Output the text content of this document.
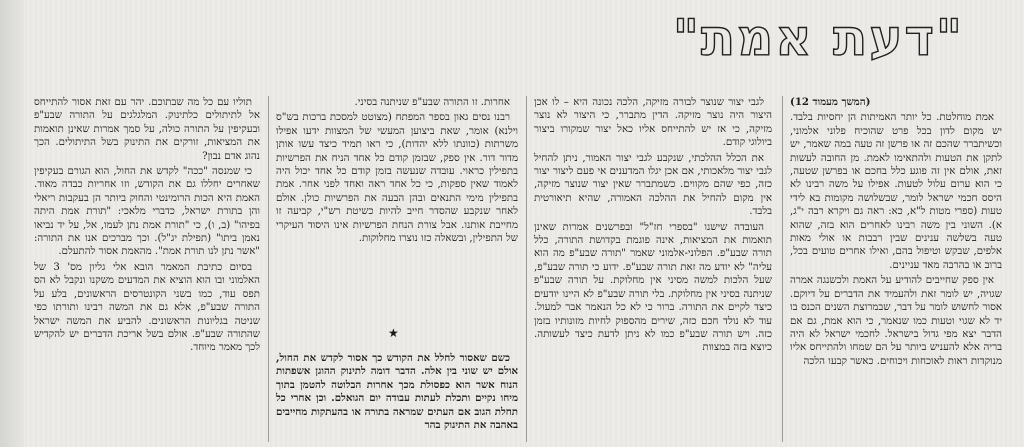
"דעת אמת"
(המשך מעמוד 12)

אמת מוחלטת. כל יותר האמיתות הן יחסיות בלבד. יש מקום לדון בכל פרט שהוכיח פלוני אלמוני, וכשיתברר שהכם זה או פרשן זה טעה במה שאמר, יש לתקן את הטעות ולהתאימו לאמת. מן החובה לעשות זאת, אולם אין זה פוגע כלל בחכם או בפרשן שטעה, כי הוא ערום עלול לטעות. אפילו על משה רבינו לא היסס חכמי ישראל לומר, שבשלושה מקומות בא לידי טעות (ספרי מטות ל"א, כא: ראה גם ויקרא רבה י"ג, א). השוני בין משה רבינו לאחרים הוא בזה, שהוא טעה בשלשה ענינים שבין רבבות או אולי מאות אלפים, שבקש וטיפול בהם, ואילו אחרים טועים בכל, ברוב או בהרבה מאד עניינים.

אין ספק שחייבים להודיע על האמת ולכשנגה אמרה שגויה, יש לומר זאת ולהעמיד את הדברים על דיוקם. אסור לחשוש לומר על דבר, שבמרוצת השנים הכנס בו יד לא שגוי וטעות כמו שנאמר, כי הוא אמת, גם אם הדבר יצא מפי גדול בישראל. לחכמי ישראל לא היה בריה אלא להעניש ביותר על הם שמחו ולהתייחס אליו מנוקדות ראות לאוכחות ויכוחים. כאשר קבעו הלכה

לגבי יצור שנוצר לבורה מזיקה, הלכה נכונה היא – לו אכן היצור היה נוצר מזיקה. הדין מתברר, כי היצור לא נוצר מזיקה, כי אז יש להתייחס אליו כאל יצור שמקורו ביצור ביולוגי קודם.

את הכלל ההלכתי, שנקבע לגבי יצור האמור, ניתן להחיל לגבי יצור מלאכותי, אם אכן יגלו המדענים אי פעם ליצור יצור כזה, כפי שהם מקווים. כשמתברר שאין יצור שנוצר מזיקה, אין מקום להחיל את ההלכה האמורה, שהיא תיאורטית בלבד.

העובדה שישנו "בספרי חז"ל" ובפרשנים אמרות שאינן תואמות את המציאות, אינה פוגמת בקדושת התורה, כלל תורה שבע"פ. הפלוני-אלמוני שאמר "תורה שבע"פ מה הוא עליה" לא יודע מה זאת תורה שבע"פ. ידוע כי תורה שבע"פ, שעל הלכות למשה מסיני אין מחלוקת. על תורה שבע"פ שניתנה בסיני אין מחלוקת. בלי תורה שבע"פ לא היינו יודעים כיצד לקיים את התורה. ברור כי לא כל הנאמר אבר למעול. עוד לא נולד חכם כזה, שירים מהספוק לחיות מזונותיו בזמן כזה. ויש תורה שבע"פ כמו לא ניתן לדעת כיצד לעשותה. כיוצא בזה במצוות

אחרות. זו התורה שבע"פ שניתנה בסיני.

רבנו נסים גאון בספר המפתח (מצוטט למסכת ברכות בש"ס וילנא) אומר, שאת ביצוען המעשי של המצוות ידעו אפילו משרתות (כוונתו ללא יהדות), כי ראו תמיד כיצד עשו אותן מדור דור. אין ספק, שבזמן קודם כל אחד הניח את הפרשיות בתפילין כראוי. עובדה שנעשה בזמן קודם כל אחד יכול היה לאמוד שאין ספקות, כי כל אחד ראה ואחד לפני אחר. אמת בתפילין מימי התנאים ובהן הבעה את הפרשיות כולן. אולם לאחר שנקבע שהסדר חייב להיות כשיטת רש"י, קביעה זו מחייבת אותנו. אבל צורת הנחת הפרשיות אינו היסוד העיקרי של התפילין, ובשאלה כזו נוצרו מחלוקות.

★

כשם שאסור לחלל את הקודש כך אסור לקדש את החול, אולם יש שוני בין אלה. הדבר דומה לתינוק ההוגן אשפתות הנוח אשר הוא כפסולת מכך אחרות הבלוטה להטמן בתוך מיחו נקיים ותכלת לעתות עבודה יום הגואלם. וכן אחרי כל תחלת הגוב אם העתים שמראה בתורה או בהעתקות מחייבים באהבה את התינוק בהר

תוליו עם כל מה שבתוכם. יהר עם זאת אסור להתייחס אל לתיתולים כלתינוק. המלגלגים על התורה שבע"פ ובעקיפין על התורה כולה, על סמך אמרות שאינן תואמות את המציאות, זורקים את התינוק בשל התיתולים. הכך נהוג אדם נבון?

כי שמנסה "ככה" לקדש את החול, הוא הגורם בעקיפין שאחרים יחללו גם את הקודש, וזו אחריות כבדה מאוד. האמת היא הכות הרומינטי והחוק ביותר הן בעקבות ריאלי והן בתורת ישראל, כדברי מלאכי: "תורת אמת היתה בפיהו" (ב, ו), כי "תורת אמת נתן לעמו, אל, על יד נביאו נאמן ביתו" (תפילת יג"ל). וכך מברכים אנו את התורה: "אשר נתן לנו תורת אמת". מהאמת אסור להתעלם.

בסיום כתיבת המאמר הובא אלי גליון מס' 3 של האלמוני ובו הוא הוציא את המדעים משקנו ונקבל לא הס תפס עוד, כמו בשני הקונטרסים הראשונים, בלע על התורה שבע"פ, אלא גם את המשה רבינו ותורתו כפי שניטה בגליונות הראשונים. להביע את המשה ישראל שהתורה שבע"פ. אולם בשל אריכת הדברים יש להקדיש לכך מאמר מיוחד.
